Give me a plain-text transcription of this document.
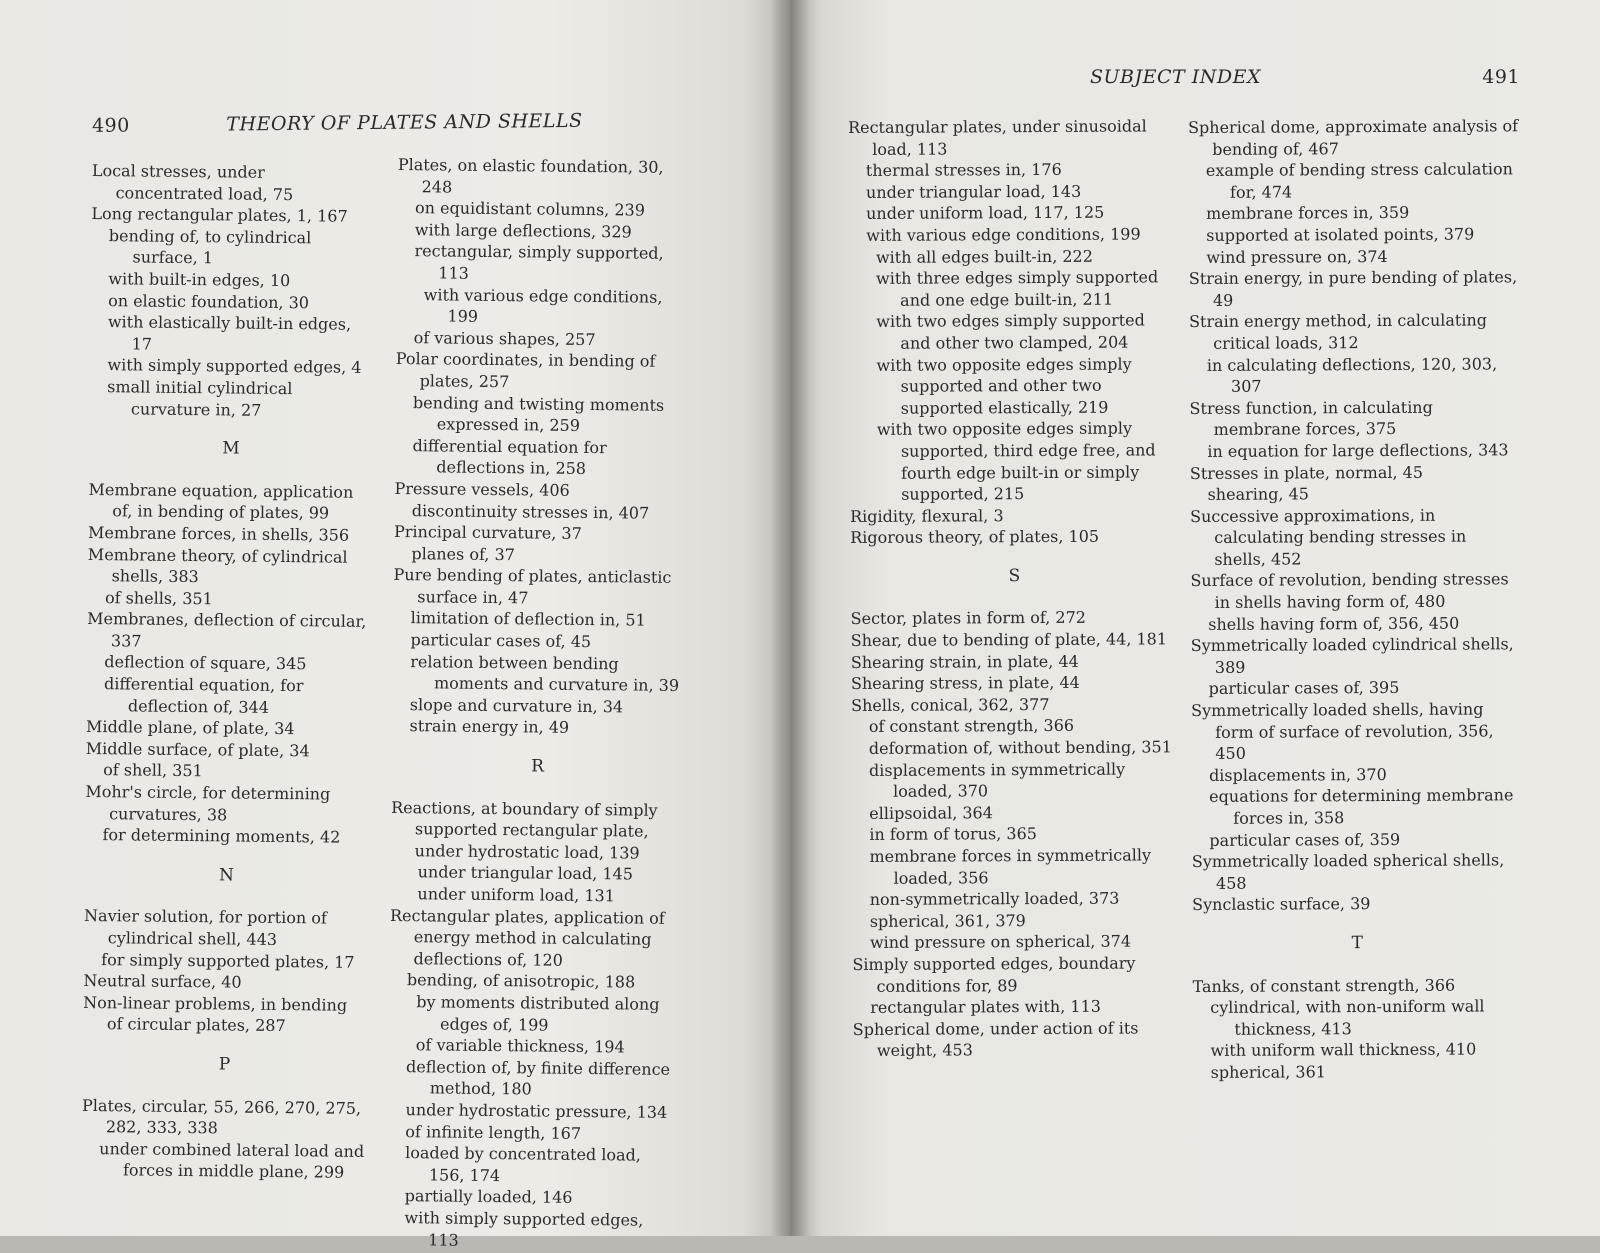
490	THEORY OF PLATES AND SHELLS

Local stresses, under concentrated load, 75

Long rectangular plates, 1, 167

bending of, to cylindrical surface, 1

with built-in edges, 10

on elastic foundation, 30

with elastically built-in edges, 17

with simply supported edges, 4

small initial cylindrical curvature in, 27

M

Membrane equation, application of, in bending of plates, 99

Membrane forces, in shells, 356

Membrane theory, of cylindrical shells, 383

of shells, 351

Membranes, deflection of circular, 337

deflection of square, 345

differential equation, for deflection of, 344

Middle plane, of plate, 34

Middle surface, of plate, 34

of shell, 351

Mohr's circle, for determining curvatures, 38

for determining moments, 42

N

Navier solution, for portion of cylindrical shell, 443

for simply supported plates, 17

Neutral surface, 40

Non-linear problems, in bending of circular plates, 287

P

Plates, circular, 55, 266, 270, 275, 282, 333, 338

under combined lateral load and forces in middle plane, 299

Plates, on elastic foundation, 30, 248

on equidistant columns, 239

with large deflections, 329

rectangular, simply supported, 113

with various edge conditions, 199

of various shapes, 257

Polar coordinates, in bending of plates, 257

bending and twisting moments expressed in, 259

differential equation for deflections in, 258

Pressure vessels, 406

discontinuity stresses in, 407

Principal curvature, 37

planes of, 37

Pure bending of plates, anticlastic surface in, 47

limitation of deflection in, 51

particular cases of, 45

relation between bending moments and curvature in, 39

slope and curvature in, 34

strain energy in, 49

R

Reactions, at boundary of simply supported rectangular plate, under hydrostatic load, 139

under triangular load, 145

under uniform load, 131

Rectangular plates, application of energy method in calculating deflections of, 120

bending, of anisotropic, 188

by moments distributed along edges of, 199

of variable thickness, 194

deflection of, by finite difference method, 180

under hydrostatic pressure, 134

of infinite length, 167

loaded by concentrated load, 156, 174

partially loaded, 146

with simply supported edges, 113

SUBJECT INDEX	491

Rectangular plates, under sinusoidal load, 113

thermal stresses in, 176

under triangular load, 143

under uniform load, 117, 125

with various edge conditions, 199

with all edges built-in, 222

with three edges simply supported and one edge built-in, 211

with two edges simply supported and other two clamped, 204

with two opposite edges simply supported and other two supported elastically, 219

with two opposite edges simply supported, third edge free, and fourth edge built-in or simply supported, 215

Rigidity, flexural, 3

Rigorous theory, of plates, 105

S

Sector, plates in form of, 272

Shear, due to bending of plate, 44, 181

Shearing strain, in plate, 44

Shearing stress, in plate, 44

Shells, conical, 362, 377

of constant strength, 366

deformation of, without bending, 351

displacements in symmetrically loaded, 370

ellipsoidal, 364

in form of torus, 365

membrane forces in symmetrically loaded, 356

non-symmetrically loaded, 373

spherical, 361, 379

wind pressure on spherical, 374

Simply supported edges, boundary conditions for, 89

rectangular plates with, 113

Spherical dome, under action of its weight, 453

Spherical dome, approximate analysis of bending of, 467

example of bending stress calculation for, 474

membrane forces in, 359

supported at isolated points, 379

wind pressure on, 374

Strain energy, in pure bending of plates, 49

Strain energy method, in calculating critical loads, 312

in calculating deflections, 120, 303, 307

Stress function, in calculating membrane forces, 375

in equation for large deflections, 343

Stresses in plate, normal, 45

shearing, 45

Successive approximations, in calculating bending stresses in shells, 452

Surface of revolution, bending stresses in shells having form of, 480

shells having form of, 356, 450

Symmetrically loaded cylindrical shells, 389

particular cases of, 395

Symmetrically loaded shells, having form of surface of revolution, 356, 450

displacements in, 370

equations for determining membrane forces in, 358

particular cases of, 359

Symmetrically loaded spherical shells, 458

Synclastic surface, 39

T

Tanks, of constant strength, 366

cylindrical, with non-uniform wall thickness, 413

with uniform wall thickness, 410

spherical, 361
